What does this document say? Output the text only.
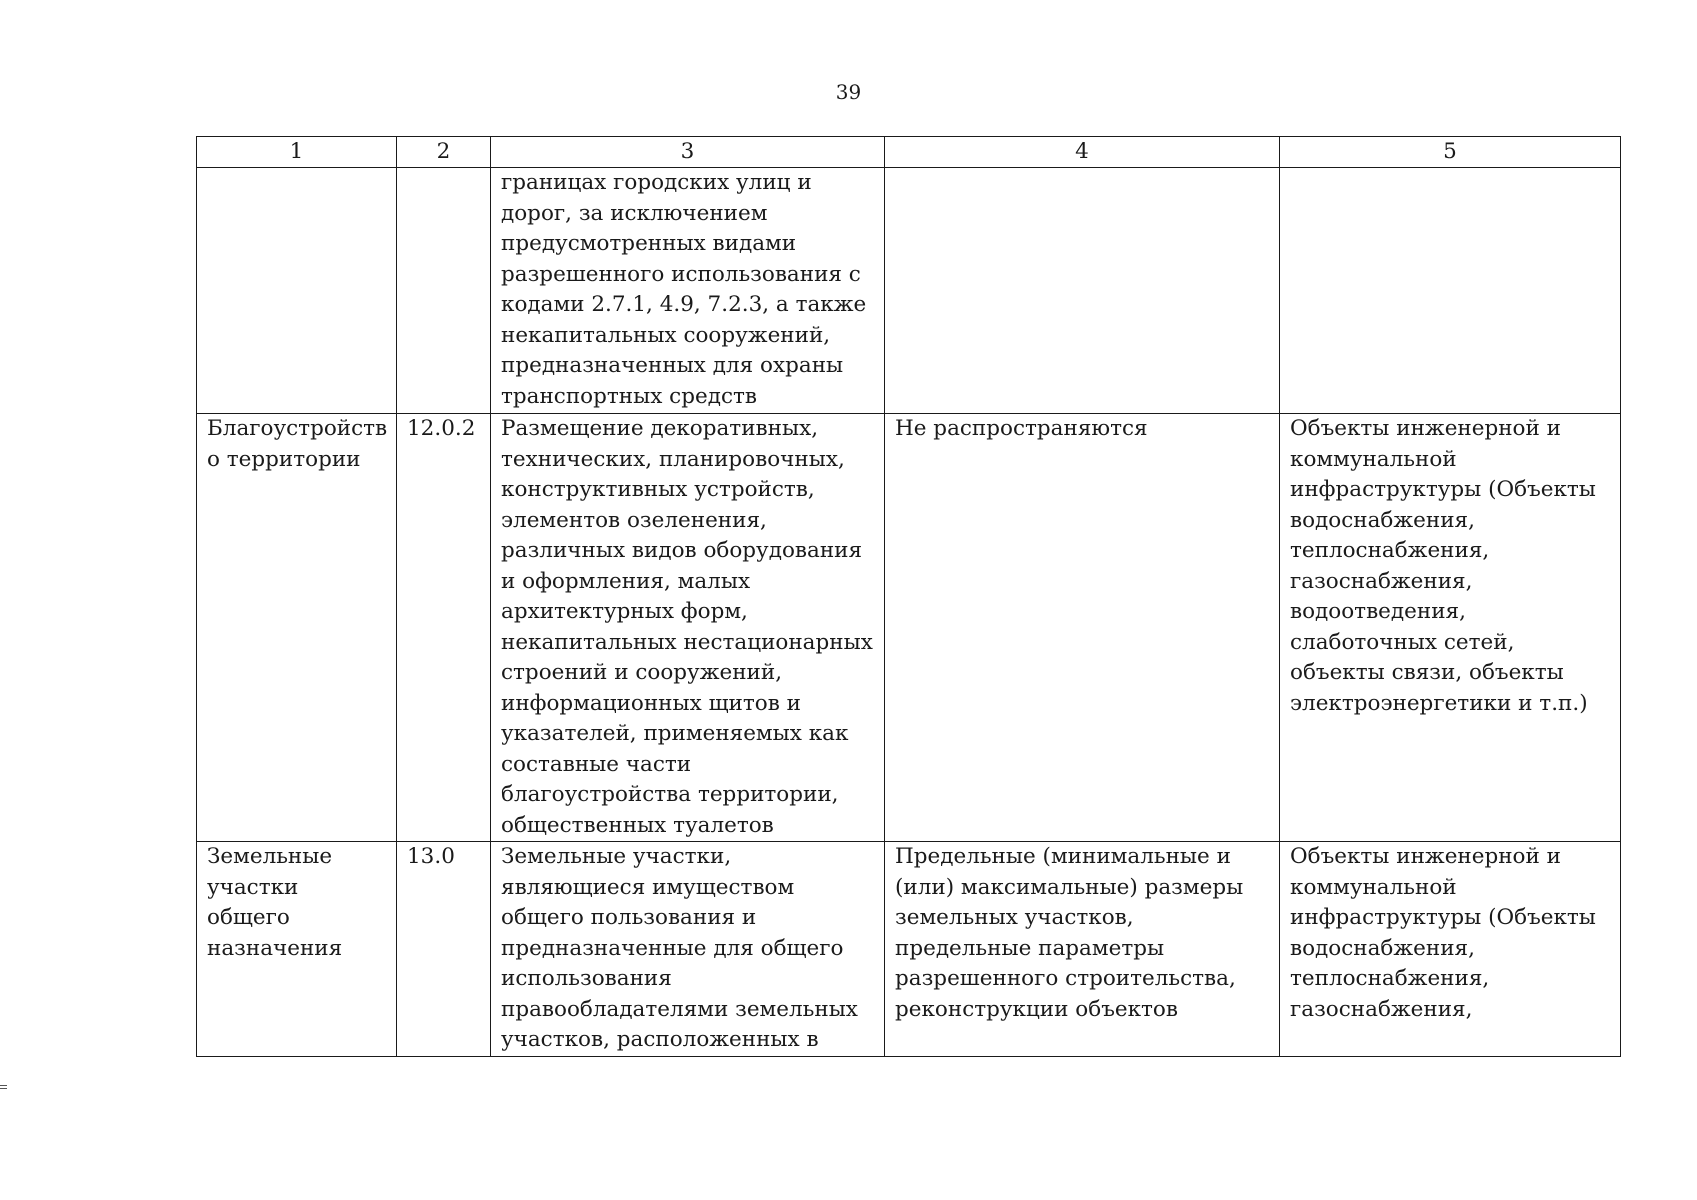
39
1	2	3	4	5
		границах городских улиц и дорог, за исключением предусмотренных видами разрешенного использования с кодами 2.7.1, 4.9, 7.2.3, а также некапитальных сооружений, предназначенных для охраны транспортных средств		
Благоустройство территории	12.0.2	Размещение декоративных, технических, планировочных, конструктивных устройств, элементов озеленения, различных видов оборудования и оформления, малых архитектурных форм, некапитальных нестационарных строений и сооружений, информационных щитов и указателей, применяемых как составные части благоустройства территории, общественных туалетов	Не распространяются	Объекты инженерной и коммунальной инфраструктуры (Объекты водоснабжения, теплоснабжения, газоснабжения, водоотведения, слаботочных сетей, объекты связи, объекты электроэнергетики и т.п.)
Земельные участки общего назначения	13.0	Земельные участки, являющиеся имуществом общего пользования и предназначенные для общего использования правообладателями земельных участков, расположенных в	Предельные (минимальные и (или) максимальные) размеры земельных участков, предельные параметры разрешенного строительства, реконструкции объектов	Объекты инженерной и коммунальной инфраструктуры (Объекты водоснабжения, теплоснабжения, газоснабжения,
